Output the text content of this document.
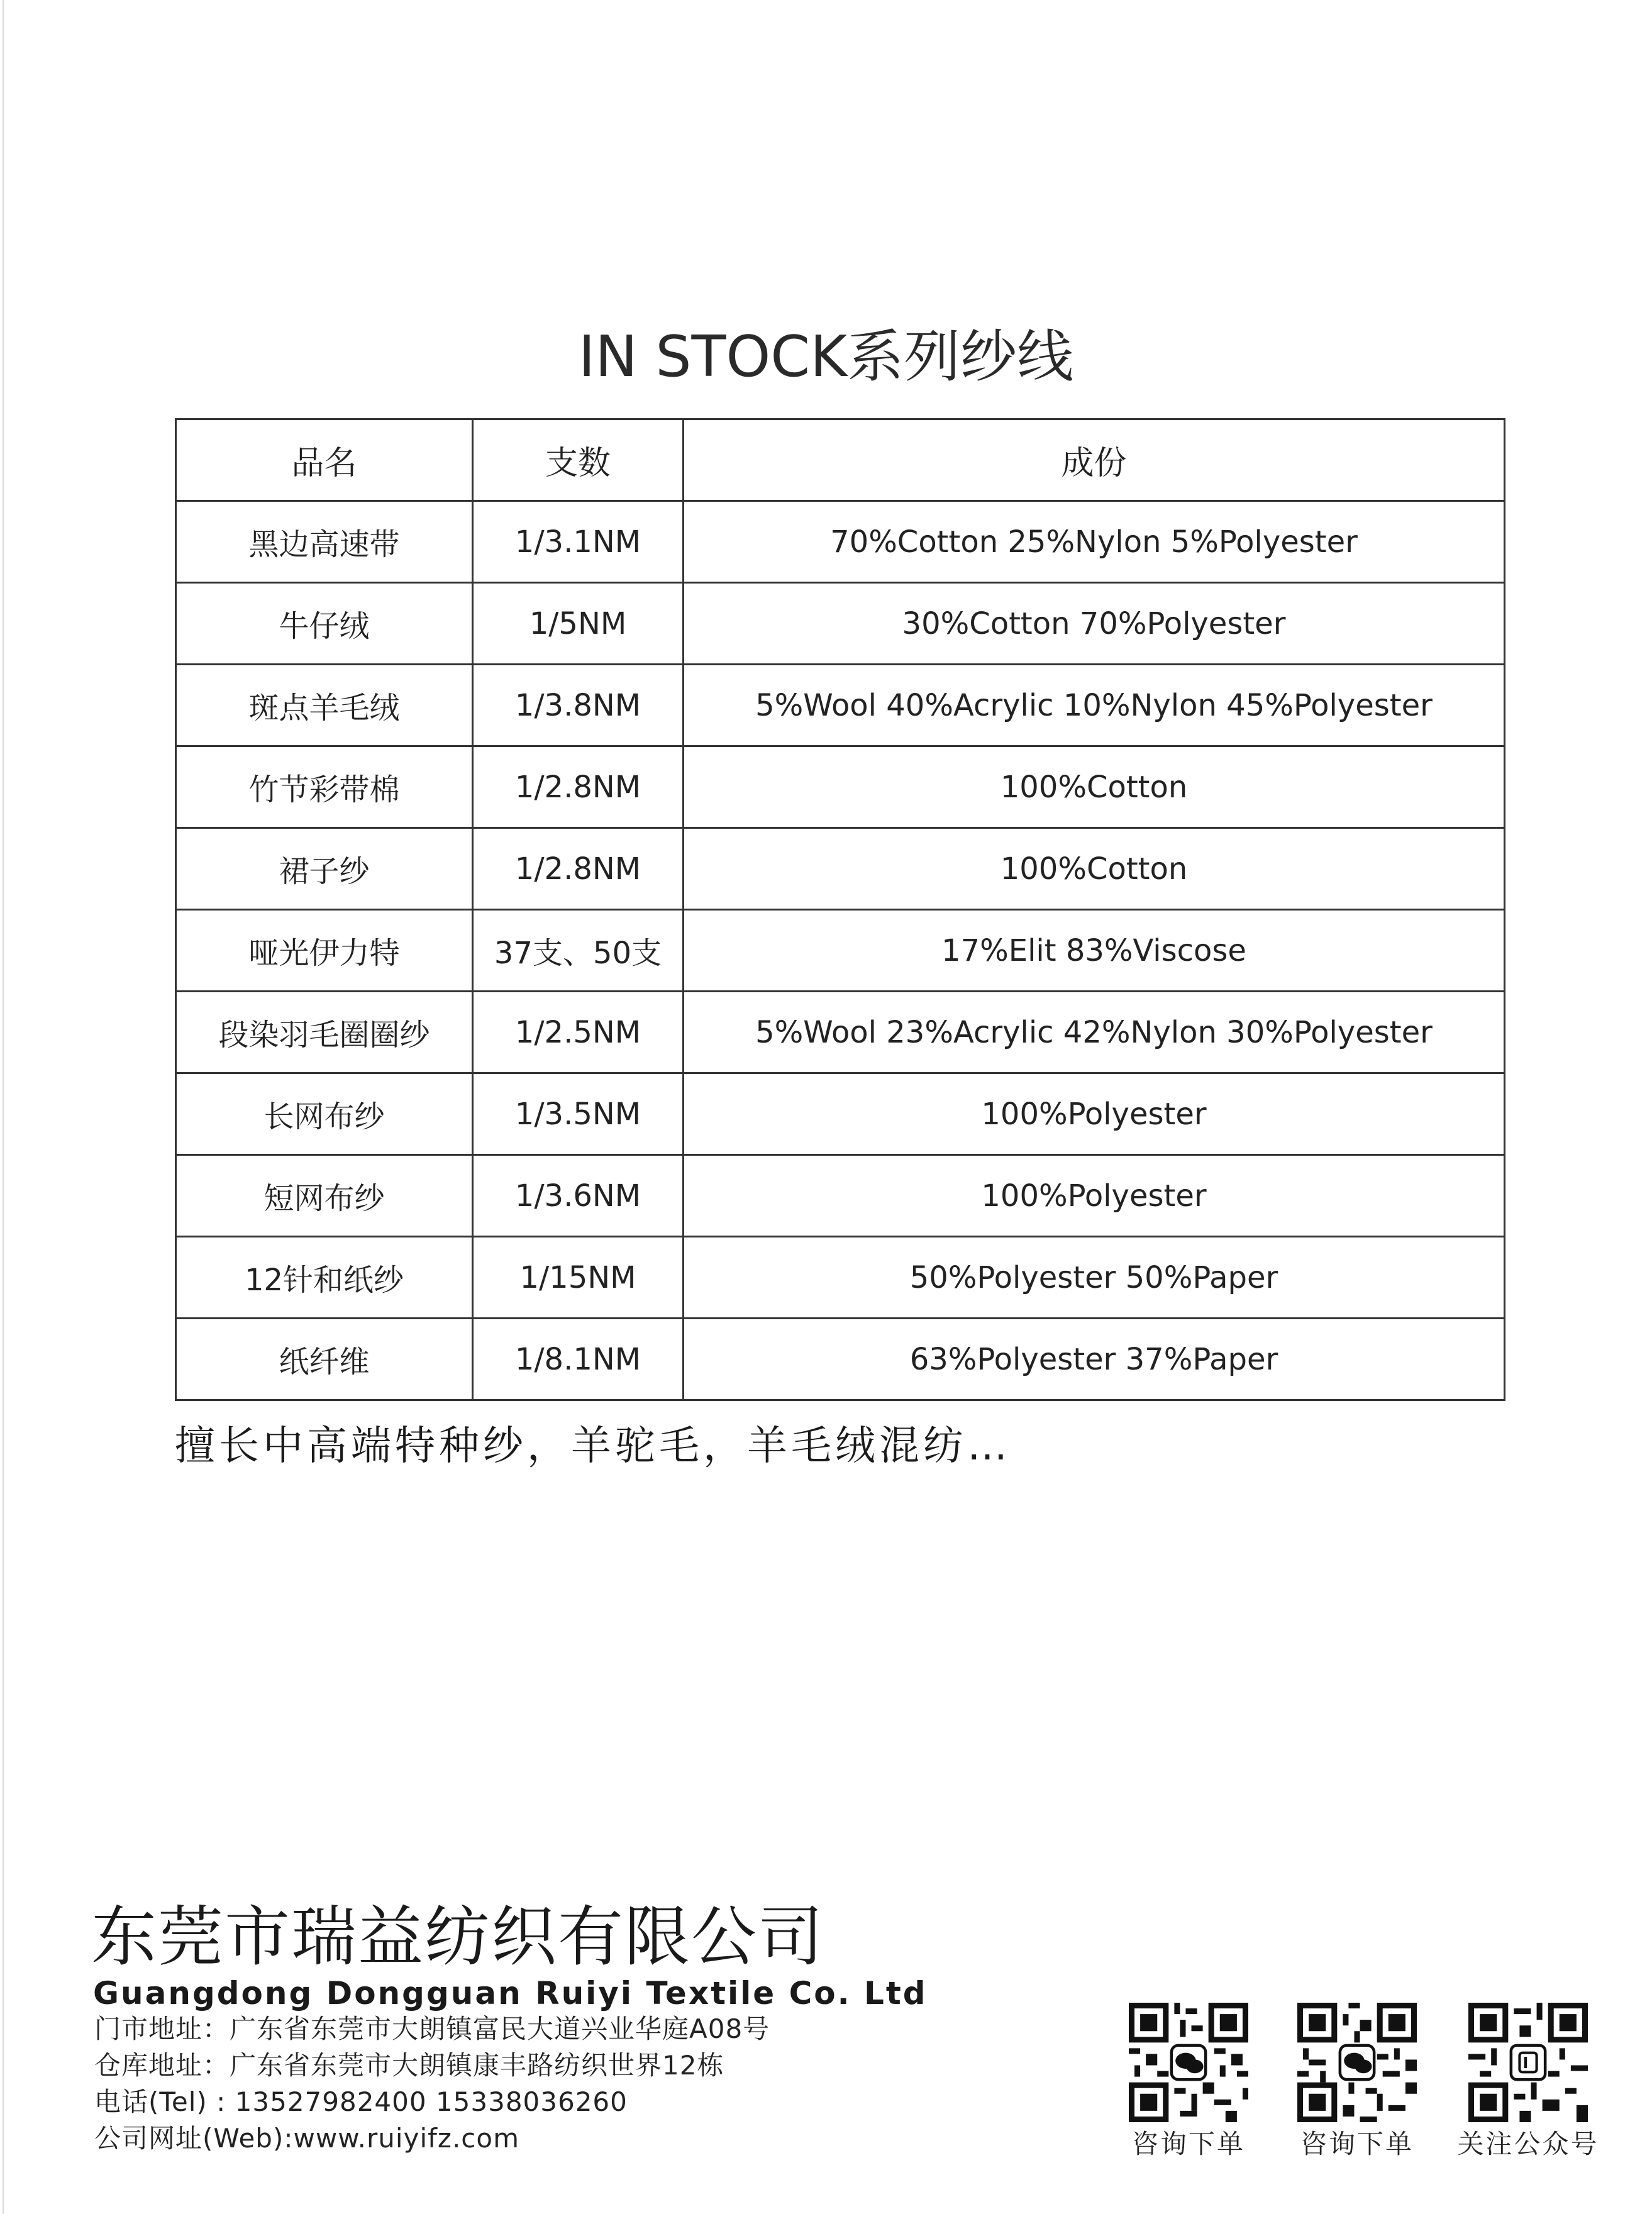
IN STOCK系列纱线
品名	支数	成份
黑边高速带	1/3.1NM	70%Cotton 25%Nylon 5%Polyester
牛仔绒	1/5NM	30%Cotton 70%Polyester
斑点羊毛绒	1/3.8NM	5%Wool 40%Acrylic 10%Nylon 45%Polyester
竹节彩带棉	1/2.8NM	100%Cotton
裙子纱	1/2.8NM	100%Cotton
哑光伊力特	37支、50支	17%Elit 83%Viscose
段染羽毛圈圈纱	1/2.5NM	5%Wool 23%Acrylic 42%Nylon 30%Polyester
长网布纱	1/3.5NM	100%Polyester
短网布纱	1/3.6NM	100%Polyester
12针和纸纱	1/15NM	50%Polyester 50%Paper
纸纤维	1/8.1NM	63%Polyester 37%Paper
擅长中高端特种纱，羊驼毛，羊毛绒混纺…
东莞市瑞益纺织有限公司
Guangdong Dongguan Ruiyi Textile Co. Ltd
门市地址：广东省东莞市大朗镇富民大道兴业华庭A08号
仓库地址：广东省东莞市大朗镇康丰路纺织世界12栋
电话(Tel) : 13527982400 15338036260
公司网址(Web):www.ruiyifz.com	咨询下单	咨询下单	关注公众号
